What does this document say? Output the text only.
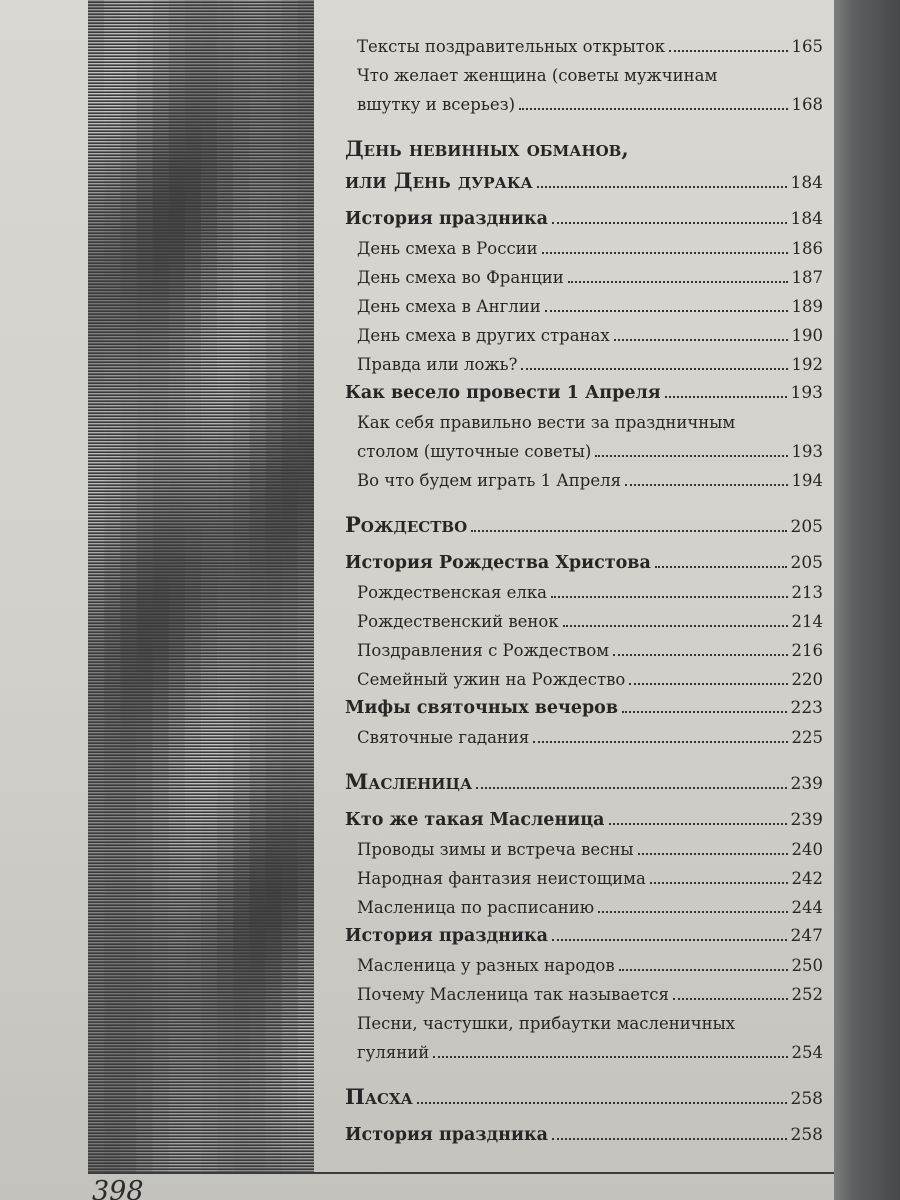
Тексты поздравительных открыток	165
Что желает женщина (советы мужчинам
вшутку и всерьез)	168
День невинных обманов,
или День дурака	184
История праздника	184
День смеха в России	186
День смеха во Франции	187
День смеха в Англии	189
День смеха в других странах	190
Правда или ложь?	192
Как весело провести 1 Апреля	193
Как себя правильно вести за праздничным
столом (шуточные советы)	193
Во что будем играть 1 Апреля	194
Рождество	205
История Рождества Христова	205
Рождественская елка	213
Рождественский венок	214
Поздравления с Рождеством	216
Семейный ужин на Рождество	220
Мифы святочных вечеров	223
Святочные гадания	225
Масленица	239
Кто же такая Масленица	239
Проводы зимы и встреча весны	240
Народная фантазия неистощима	242
Масленица по расписанию	244
История праздника	247
Масленица у разных народов	250
Почему Масленица так называется	252
Песни, частушки, прибаутки масленичных
гуляний	254
Пасха	258
История праздника	258
398
